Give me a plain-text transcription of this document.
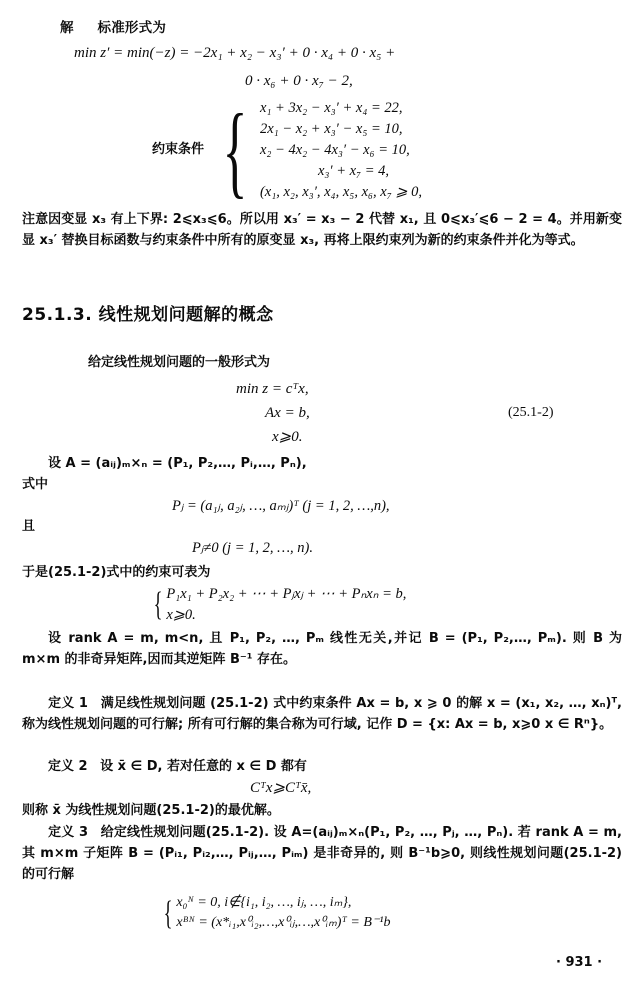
解 标准形式为
min z′ = min(−z) = −2x₁ + x₂ − x₃′ + 0 · x₄ + 0 · x₅ +
0 · x₆ + 0 · x₇ − 2,
约束条件 { x₁ + 3x₂ − x₃′ + x₄ = 22,
2x₁ − x₂ + x₃′ − x₅ = 10,
x₂ − 4x₂ − 4x₃′ − x₆ = 10,
x₃′ + x₇ = 4,
(x₁, x₂, x₃′, x₄, x₅, x₆, x₇ ⩾ 0,
注意因变显 x₃ 有上下界: 2⩽x₃⩽6。所以用 x₃′ = x₃ − 2 代替 x₁, 且 0⩽x₃′⩽6 − 2 = 4。并用新变显 x₃′ 替换目标函数与约束条件中所有的原变显 x₃, 再将上限约束列为新的约束条件并化为等式。
25.1.3. 线性规划问题解的概念
给定线性规划问题的一般形式为
min z = cᵀx,
Ax = b,
x⩾0.
(25.1-2)
设 A = (aᵢⱼ)ₘ×ₙ = (P₁, P₂,…, Pᵢ,…, Pₙ),
式中
Pⱼ = (a₁ⱼ, a₂ⱼ, …, aₘⱼ)ᵀ (j = 1, 2, …,n),
且
Pⱼ≠0 (j = 1, 2, …, n).
于是(25.1-2)式中的约束可表为
{ P₁x₁ + P₂x₂ + ⋯ + Pⱼxⱼ + ⋯ + Pₙxₙ = b,
x⩾0.
设 rank A = m, m<n, 且 P₁, P₂, …, Pₘ 线性无关,并记 B = (P₁, P₂,…, Pₘ). 则 B 为 m×m 的非奇异矩阵,因而其逆矩阵 B⁻¹ 存在。
定义 1 满足线性规划问题 (25.1-2) 式中约束条件 Ax = b, x ⩾ 0 的解 x = (x₁, x₂, …, xₙ)ᵀ, 称为线性规划问题的可行解; 所有可行解的集合称为可行域, 记作 D = {x: Ax = b, x⩾0 x ∈ Rⁿ}。
定义 2 设 x̄ ∈ D, 若对任意的 x ∈ D 都有
Cᵀx⩾Cᵀx̄,
则称 x̄ 为线性规划问题(25.1-2)的最优解。
定义 3 给定线性规划问题(25.1-2). 设 A=(aᵢⱼ)ₘ×ₙ(P₁, P₂, …, Pⱼ, …, Pₙ). 若 rank A = m, 其 m×m 子矩阵 B = (Pᵢ₁, Pᵢ₂,…, Pᵢⱼ,…, Pᵢₘ) 是非奇异的, 则 B⁻¹b⩾0, 则线性规划问题(25.1-2)的可行解
{ x₀ᴺ = 0, i∉{i₁, i₂, …, iⱼ, …, iₘ},
xᴮᴺ = (x*ᵢ₁,x⁰ᵢ₂,…,x⁰ᵢⱼ,…,x⁰ᵢₘ)ᵀ = B⁻¹b
· 931 ·
